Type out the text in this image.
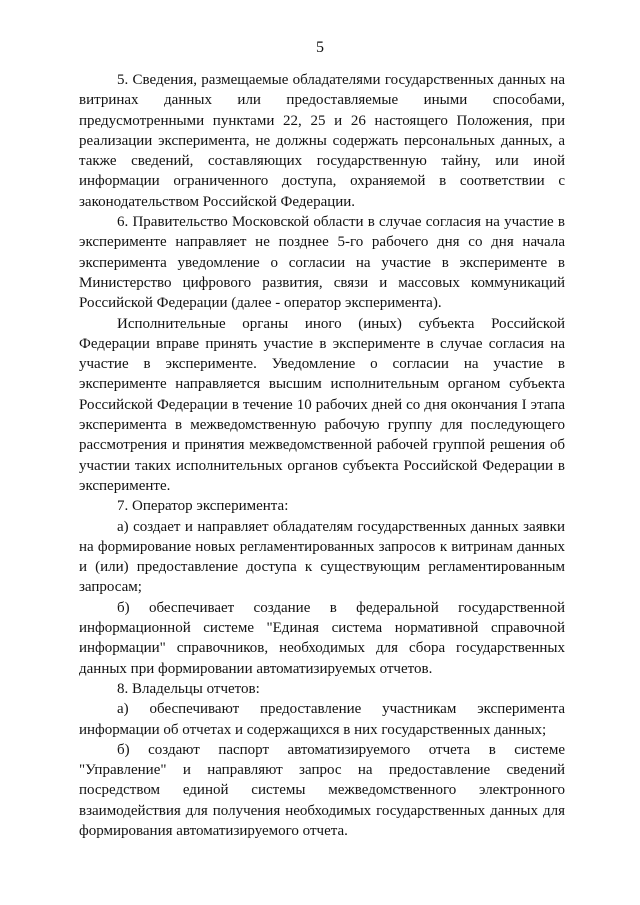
5

5. Сведения, размещаемые обладателями государственных данных на витринах данных или предоставляемые иными способами, предусмотренными пунктами 22, 25 и 26 настоящего Положения, при реализации эксперимента, не должны содержать персональных данных, а также сведений, составляющих государственную тайну, или иной информации ограниченного доступа, охраняемой в соответствии с законодательством Российской Федерации.

6. Правительство Московской области в случае согласия на участие в эксперименте направляет не позднее 5-го рабочего дня со дня начала эксперимента уведомление о согласии на участие в эксперименте в Министерство цифрового развития, связи и массовых коммуникаций Российской Федерации (далее - оператор эксперимента).

Исполнительные органы иного (иных) субъекта Российской Федерации вправе принять участие в эксперименте в случае согласия на участие в эксперименте. Уведомление о согласии на участие в эксперименте направляется высшим исполнительным органом субъекта Российской Федерации в течение 10 рабочих дней со дня окончания I этапа эксперимента в межведомственную рабочую группу для последующего рассмотрения и принятия межведомственной рабочей группой решения об участии таких исполнительных органов субъекта Российской Федерации в эксперименте.

7. Оператор эксперимента:

а) создает и направляет обладателям государственных данных заявки на формирование новых регламентированных запросов к витринам данных и (или) предоставление доступа к существующим регламентированным запросам;

б) обеспечивает создание в федеральной государственной информационной системе "Единая система нормативной справочной информации" справочников, необходимых для сбора государственных данных при формировании автоматизируемых отчетов.

8. Владельцы отчетов:

а) обеспечивают предоставление участникам эксперимента информации об отчетах и содержащихся в них государственных данных;

б) создают паспорт автоматизируемого отчета в системе "Управление" и направляют запрос на предоставление сведений посредством единой системы межведомственного электронного взаимодействия для получения необходимых государственных данных для формирования автоматизируемого отчета.
